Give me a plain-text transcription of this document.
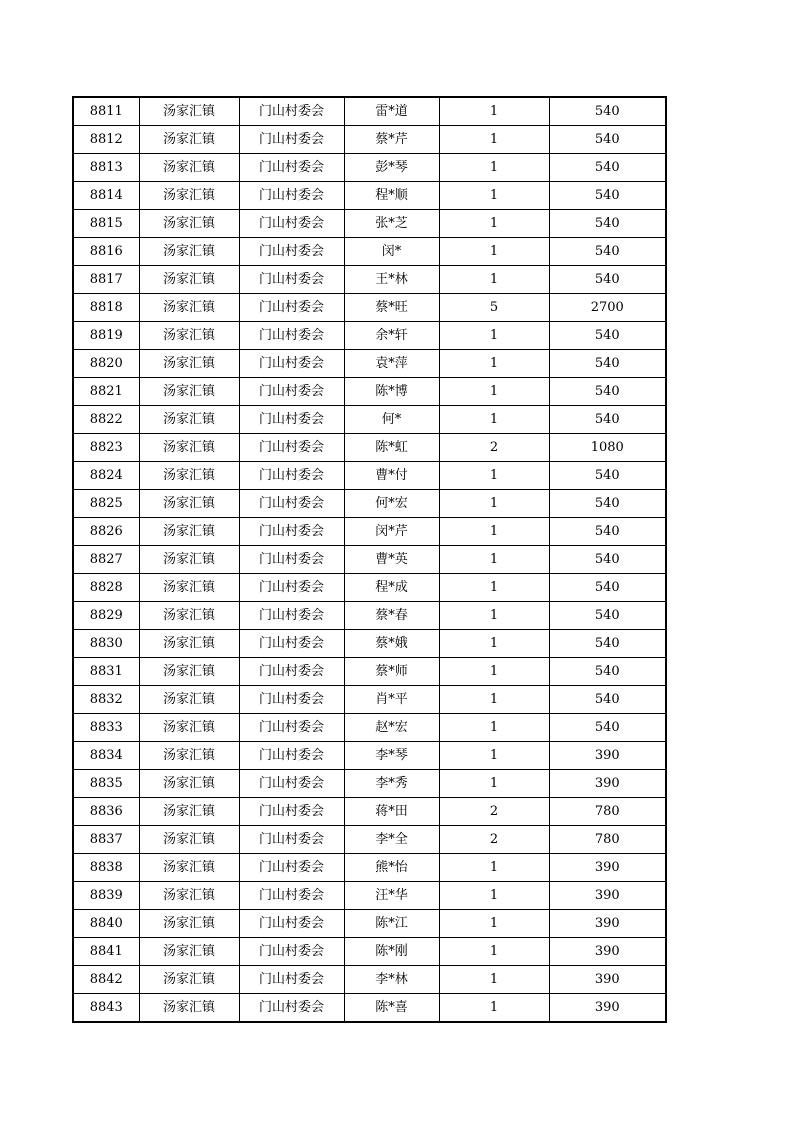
8811	汤家汇镇	门山村委会	雷*道	1	540
8812	汤家汇镇	门山村委会	蔡*芹	1	540
8813	汤家汇镇	门山村委会	彭*琴	1	540
8814	汤家汇镇	门山村委会	程*顺	1	540
8815	汤家汇镇	门山村委会	张*芝	1	540
8816	汤家汇镇	门山村委会	闵*	1	540
8817	汤家汇镇	门山村委会	王*林	1	540
8818	汤家汇镇	门山村委会	蔡*旺	5	2700
8819	汤家汇镇	门山村委会	余*轩	1	540
8820	汤家汇镇	门山村委会	袁*萍	1	540
8821	汤家汇镇	门山村委会	陈*博	1	540
8822	汤家汇镇	门山村委会	何*	1	540
8823	汤家汇镇	门山村委会	陈*虹	2	1080
8824	汤家汇镇	门山村委会	曹*付	1	540
8825	汤家汇镇	门山村委会	何*宏	1	540
8826	汤家汇镇	门山村委会	闵*芹	1	540
8827	汤家汇镇	门山村委会	曹*英	1	540
8828	汤家汇镇	门山村委会	程*成	1	540
8829	汤家汇镇	门山村委会	蔡*春	1	540
8830	汤家汇镇	门山村委会	蔡*娥	1	540
8831	汤家汇镇	门山村委会	蔡*师	1	540
8832	汤家汇镇	门山村委会	肖*平	1	540
8833	汤家汇镇	门山村委会	赵*宏	1	540
8834	汤家汇镇	门山村委会	李*琴	1	390
8835	汤家汇镇	门山村委会	李*秀	1	390
8836	汤家汇镇	门山村委会	蒋*田	2	780
8837	汤家汇镇	门山村委会	李*全	2	780
8838	汤家汇镇	门山村委会	熊*怡	1	390
8839	汤家汇镇	门山村委会	汪*华	1	390
8840	汤家汇镇	门山村委会	陈*江	1	390
8841	汤家汇镇	门山村委会	陈*刚	1	390
8842	汤家汇镇	门山村委会	李*林	1	390
8843	汤家汇镇	门山村委会	陈*喜	1	390
